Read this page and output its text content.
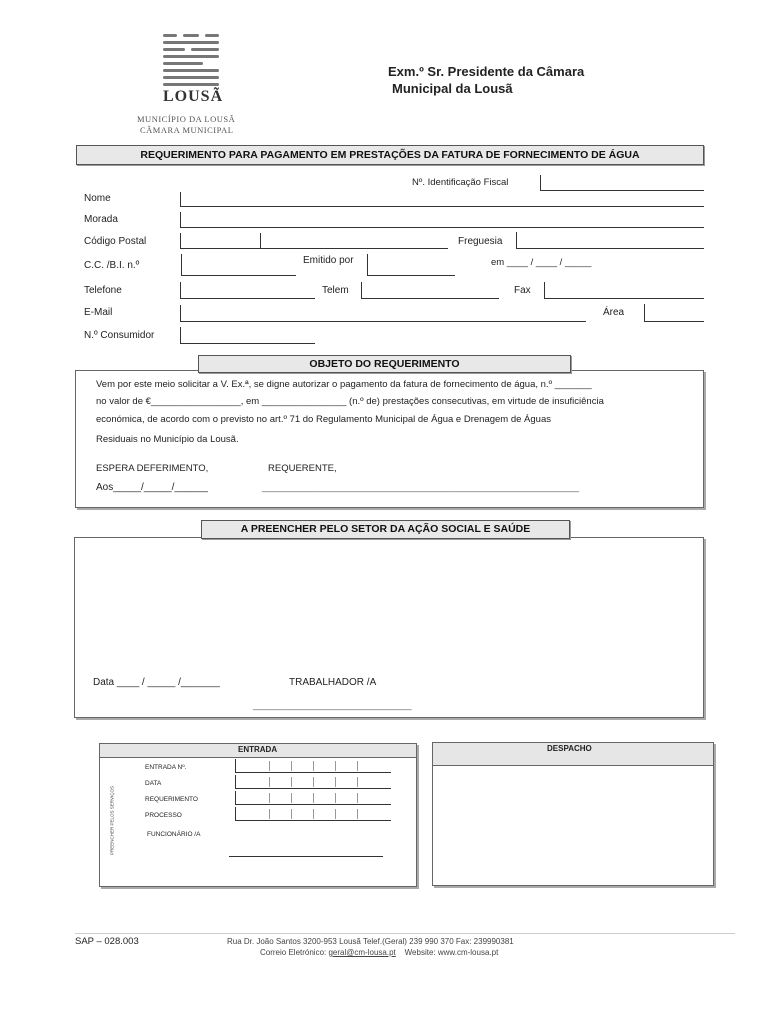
LOUSÃ
MUNICÍPIO DA LOUSÃ
CÂMARA MUNICIPAL
Exm.º Sr. Presidente da Câmara
Municipal da Lousã
REQUERIMENTO PARA PAGAMENTO EM PRESTAÇÕES DA FATURA DE FORNECIMENTO DE ÁGUA
Nº. Identificação Fiscal
Nome
Morada
Código Postal	Freguesia
C.C. /B.I. n.º	Emitido por	em ____ / ____ / _____
Telefone	Telem	Fax
E-Mail	Área
N.º Consumidor
OBJETO DO REQUERIMENTO
Vem por este meio solicitar a V. Ex.ª, se digne autorizar o pagamento da fatura de fornecimento de água, n.º _______
no valor de €_________________, em ________________ (n.º de) prestações consecutivas, em virtude de insuficiência
económica, de acordo com o previsto no art.º 71 do Regulamento Municipal de Água e Drenagem de Águas
Residuais no Município da Lousã.
ESPERA DEFERIMENTO,	REQUERENTE,
Aos_____/_____/______	____________________________________________________________
A PREENCHER PELO SETOR DA AÇÃO SOCIAL E SAÚDE
Data ____ / _____ /_______	TRABALHADOR /A
______________________________
ENTRADA
PREENCHER PELOS SERVIÇOS
ENTRADA Nº.
DATA
REQUERIMENTO
PROCESSO
FUNCIONÁRIO /A
DESPACHO
SAP – 028.003	Rua Dr. João Santos 3200-953 Lousã Telef.(Geral) 239 990 370 Fax: 239990381
Correio Eletrónico: geral@cm-lousa.pt Website: www.cm-lousa.pt
